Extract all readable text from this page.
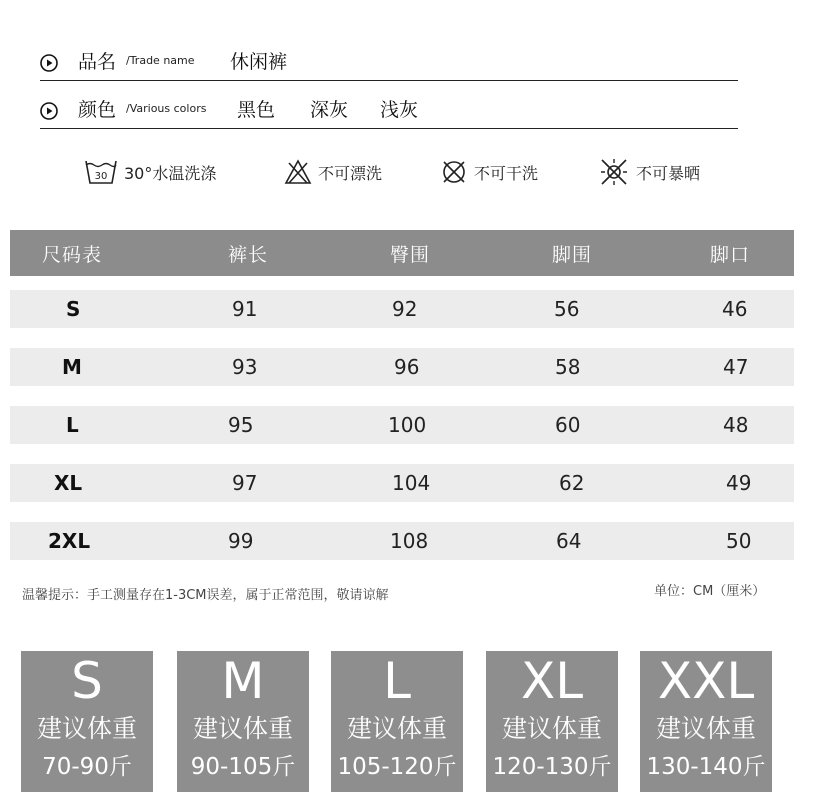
品名 /Trade name 休闲裤
颜色 /Various colors 黑色 深灰 浅灰
30 30°水温洗涤	不可漂洗	不可干洗	不可暴晒
尺码表	裤长	臀围	脚围	脚口
S	91	92	56	46
M	93	96	58	47
L	95	100	60	48
XL	97	104	62	49
2XL	99	108	64	50
温馨提示：手工测量存在1-3CM误差，属于正常范围，敬请谅解	单位：CM（厘米）
S
建议体重
70-90斤
M
建议体重
90-105斤
L
建议体重
105-120斤
XL
建议体重
120-130斤
XXL
建议体重
130-140斤
